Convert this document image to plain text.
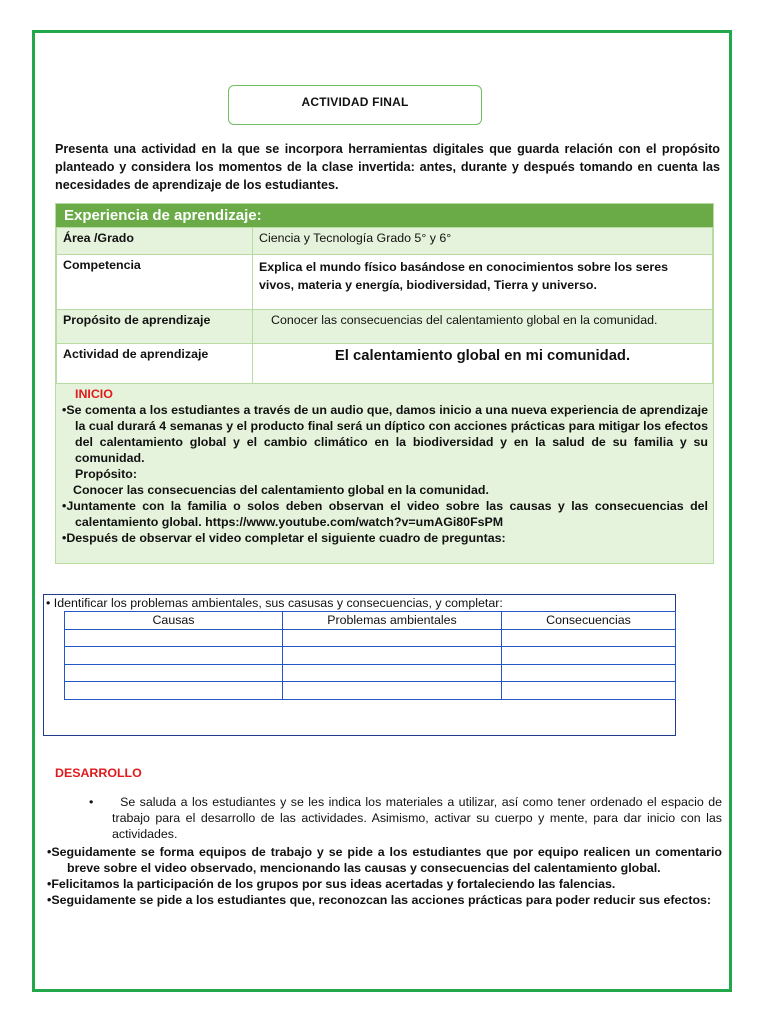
ACTIVIDAD FINAL
Presenta una actividad en la que se incorpora herramientas digitales que guarda relación con el propósito planteado y considera los momentos de la clase invertida: antes, durante y después tomando en cuenta las necesidades de aprendizaje de los estudiantes.
Experiencia de aprendizaje:
Área /Grado	Ciencia y Tecnología Grado 5° y 6°
Competencia	Explica el mundo físico basándose en conocimientos sobre los seres vivos, materia y energía, biodiversidad, Tierra y universo.
Propósito de aprendizaje	Conocer las consecuencias del calentamiento global en la comunidad.
Actividad de aprendizaje	El calentamiento global en mi comunidad.

INICIO

•Se comenta a los estudiantes a través de un audio que, damos inicio a una nueva experiencia de aprendizaje la cual durará 4 semanas y el producto final será un díptico con acciones prácticas para mitigar los efectos del calentamiento global y el cambio climático en la biodiversidad y en la salud de su familia y su comunidad.

Propósito:

Conocer las consecuencias del calentamiento global en la comunidad.

•Juntamente con la familia o solos deben observan el video sobre las causas y las consecuencias del calentamiento global. https://www.youtube.com/watch?v=umAGi80FsPM

•Después de observar el video completar el siguiente cuadro de preguntas:

• Identificar los problemas ambientales, sus casusas y consecuencias, y completar:
Causas	Problemas ambientales	Consecuencias

DESARROLLO

•      Se saluda a los estudiantes y se les indica los materiales a utilizar, así como tener ordenado el espacio de trabajo para el desarrollo de las actividades. Asimismo, activar su cuerpo y mente, para dar inicio con las actividades.

•Seguidamente se forma equipos de trabajo y se pide a los estudiantes que por equipo realicen un comentario breve sobre el video observado, mencionando las causas y consecuencias del calentamiento global.

•Felicitamos la participación de los grupos por sus ideas acertadas y fortaleciendo las falencias.

•Seguidamente se pide a los estudiantes que, reconozcan las acciones prácticas para poder reducir sus efectos:
